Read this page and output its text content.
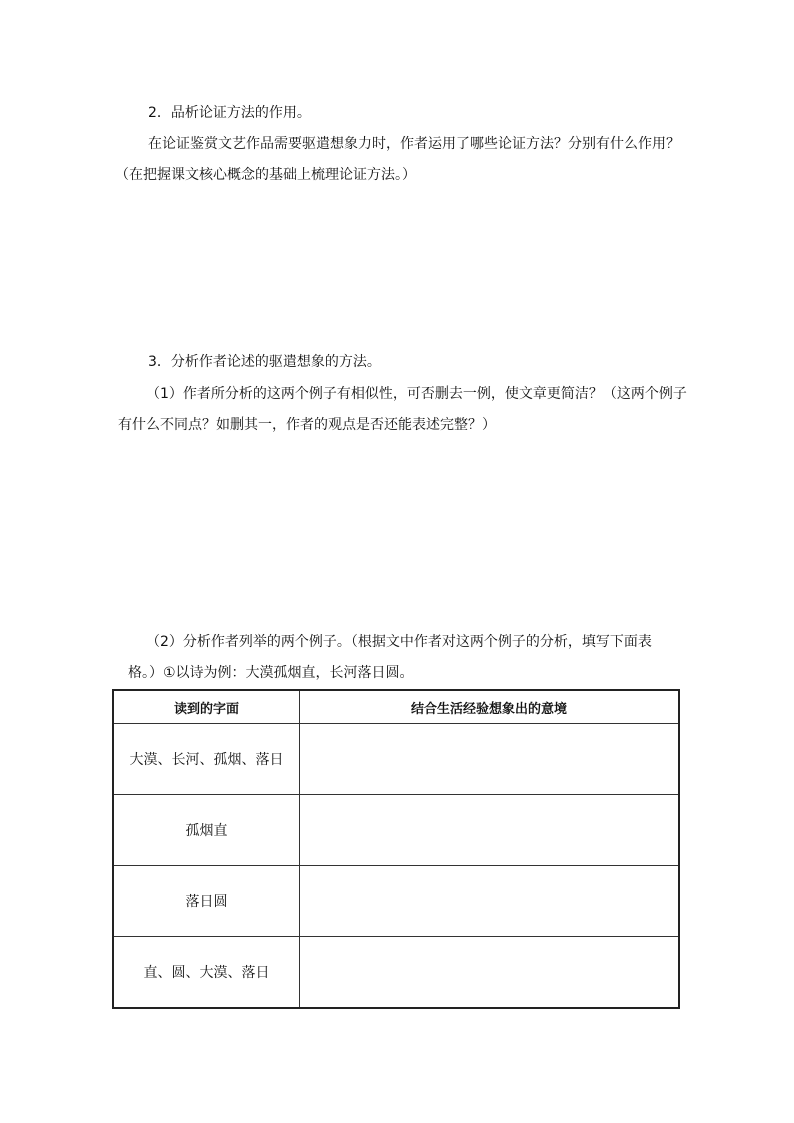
2．品析论证方法的作用。
在论证鉴赏文艺作品需要驱遣想象力时，作者运用了哪些论证方法？分别有什么作用？
（在把握课文核心概念的基础上梳理论证方法。）
3．分析作者论述的驱遣想象的方法。
（1）作者所分析的这两个例子有相似性，可否删去一例，使文章更简洁？（这两个例子
有什么不同点？如删其一，作者的观点是否还能表述完整？）
（2）分析作者列举的两个例子。（根据文中作者对这两个例子的分析，填写下面表
格。）①以诗为例：大漠孤烟直，长河落日圆。
读到的字面	结合生活经验想象出的意境
大漠、长河、孤烟、落日	
孤烟直	
落日圆	
直、圆、大漠、落日	
